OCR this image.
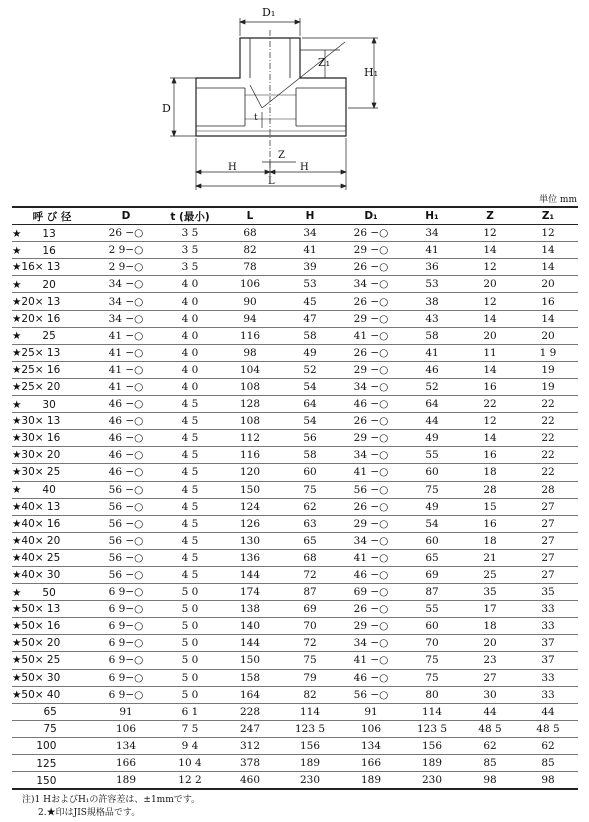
D₁
Z₁
H₁
D
t
Z
H	H
L
単位 mm
呼 び 径	D	t (最小)	L	H	D₁	H₁	Z	Z₁
★　　13	26 −○	3 5	68	34	26 −○	34	12	12
★　　16	2 9−○	3 5	82	41	29 −○	41	14	14
★16× 13	2 9−○	3 5	78	39	26 −○	36	12	14
★　　20	34 −○	4 0	106	53	34 −○	53	20	20
★20× 13	34 −○	4 0	90	45	26 −○	38	12	16
★20× 16	34 −○	4 0	94	47	29 −○	43	14	14
★　　25	41 −○	4 0	116	58	41 −○	58	20	20
★25× 13	41 −○	4 0	98	49	26 −○	41	11	1 9
★25× 16	41 −○	4 0	104	52	29 −○	46	14	19
★25× 20	41 −○	4 0	108	54	34 −○	52	16	19
★　　30	46 −○	4 5	128	64	46 −○	64	22	22
★30× 13	46 −○	4 5	108	54	26 −○	44	12	22
★30× 16	46 −○	4 5	112	56	29 −○	49	14	22
★30× 20	46 −○	4 5	116	58	34 −○	55	16	22
★30× 25	46 −○	4 5	120	60	41 −○	60	18	22
★　　40	56 −○	4 5	150	75	56 −○	75	28	28
★40× 13	56 −○	4 5	124	62	26 −○	49	15	27
★40× 16	56 −○	4 5	126	63	29 −○	54	16	27
★40× 20	56 −○	4 5	130	65	34 −○	60	18	27
★40× 25	56 −○	4 5	136	68	41 −○	65	21	27
★40× 30	56 −○	4 5	144	72	46 −○	69	25	27
★　　50	6 9−○	5 0	174	87	69 −○	87	35	35
★50× 13	6 9−○	5 0	138	69	26 −○	55	17	33
★50× 16	6 9−○	5 0	140	70	29 −○	60	18	33
★50× 20	6 9−○	5 0	144	72	34 −○	70	20	37
★50× 25	6 9−○	5 0	150	75	41 −○	75	23	37
★50× 30	6 9−○	5 0	158	79	46 −○	75	27	33
★50× 40	6 9−○	5 0	164	82	56 −○	80	30	33
　　　65	91	6 1	228	114	91	114	44	44
　　　75	106	7 5	247	123 5	106	123 5	48 5	48 5
　　 100	134	9 4	312	156	134	156	62	62
　　 125	166	10 4	378	189	166	189	85	85
　　 150	189	12 2	460	230	189	230	98	98
注)1 HおよびH₁の許容差は、±1mmです。
2.★印はJIS規格品です。
